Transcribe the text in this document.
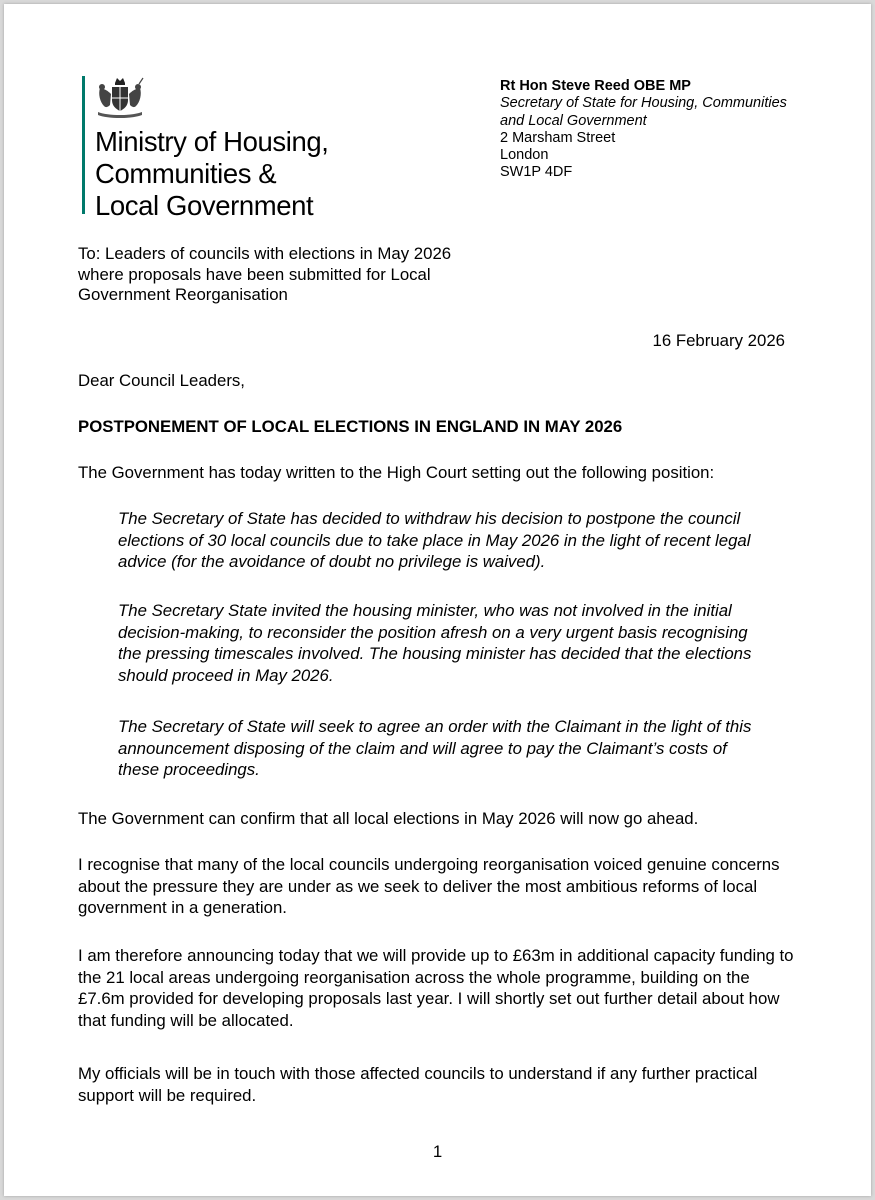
Ministry of Housing,
Communities &
Local Government
Rt Hon Steve Reed OBE MP
Secretary of State for Housing, Communities
and Local Government
2 Marsham Street
London
SW1P 4DF
To: Leaders of councils with elections in May 2026 where proposals have been submitted for Local Government Reorganisation
16 February 2026
Dear Council Leaders,
POSTPONEMENT OF LOCAL ELECTIONS IN ENGLAND IN MAY 2026
The Government has today written to the High Court setting out the following position:
The Secretary of State has decided to withdraw his decision to postpone the council elections of 30 local councils due to take place in May 2026 in the light of recent legal advice (for the avoidance of doubt no privilege is waived).
The Secretary State invited the housing minister, who was not involved in the initial decision-making, to reconsider the position afresh on a very urgent basis recognising the pressing timescales involved. The housing minister has decided that the elections should proceed in May 2026.
The Secretary of State will seek to agree an order with the Claimant in the light of this announcement disposing of the claim and will agree to pay the Claimant’s costs of these proceedings.
The Government can confirm that all local elections in May 2026 will now go ahead.
I recognise that many of the local councils undergoing reorganisation voiced genuine concerns about the pressure they are under as we seek to deliver the most ambitious reforms of local government in a generation.
I am therefore announcing today that we will provide up to £63m in additional capacity funding to the 21 local areas undergoing reorganisation across the whole programme, building on the £7.6m provided for developing proposals last year. I will shortly set out further detail about how that funding will be allocated.
My officials will be in touch with those affected councils to understand if any further practical support will be required.
1
